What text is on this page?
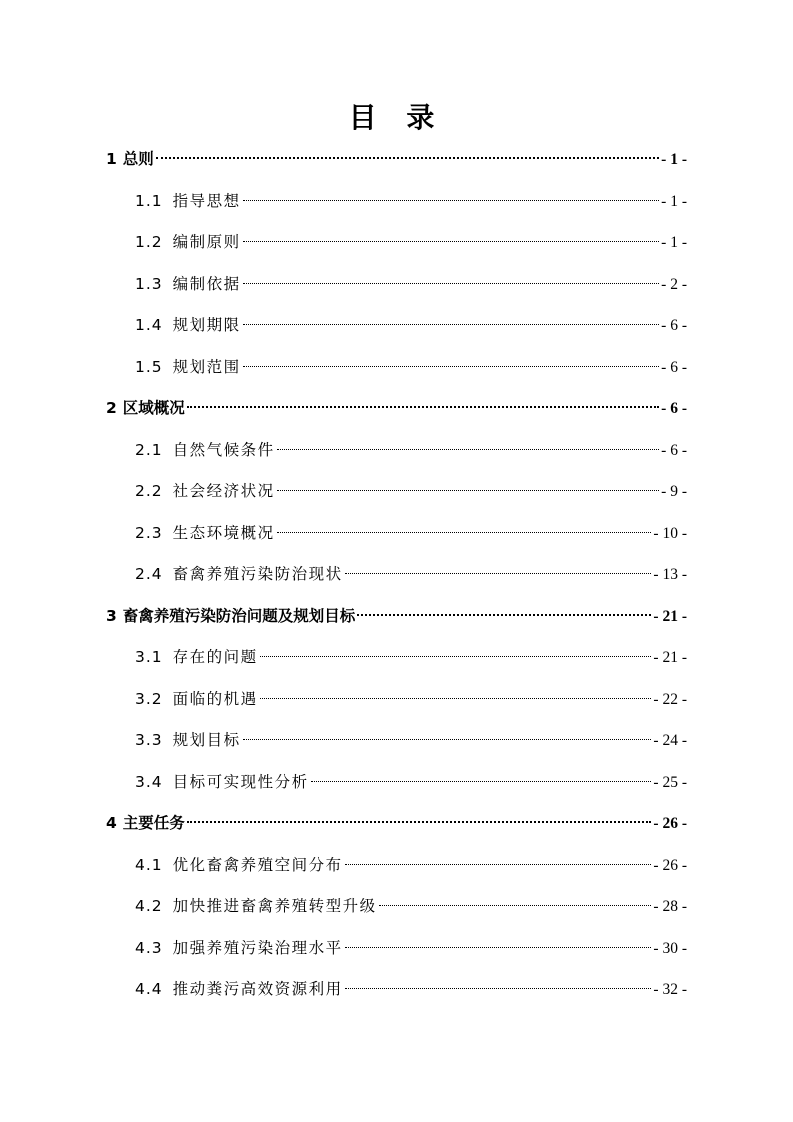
目 录
1 总则	- 1 -
1.1 指导思想	- 1 -
1.2 编制原则	- 1 -
1.3 编制依据	- 2 -
1.4 规划期限	- 6 -
1.5 规划范围	- 6 -
2 区域概况	- 6 -
2.1 自然气候条件	- 6 -
2.2 社会经济状况	- 9 -
2.3 生态环境概况	- 10 -
2.4 畜禽养殖污染防治现状	- 13 -
3 畜禽养殖污染防治问题及规划目标	- 21 -
3.1 存在的问题	- 21 -
3.2 面临的机遇	- 22 -
3.3 规划目标	- 24 -
3.4 目标可实现性分析	- 25 -
4 主要任务	- 26 -
4.1 优化畜禽养殖空间分布	- 26 -
4.2 加快推进畜禽养殖转型升级	- 28 -
4.3 加强养殖污染治理水平	- 30 -
4.4 推动粪污高效资源利用	- 32 -
